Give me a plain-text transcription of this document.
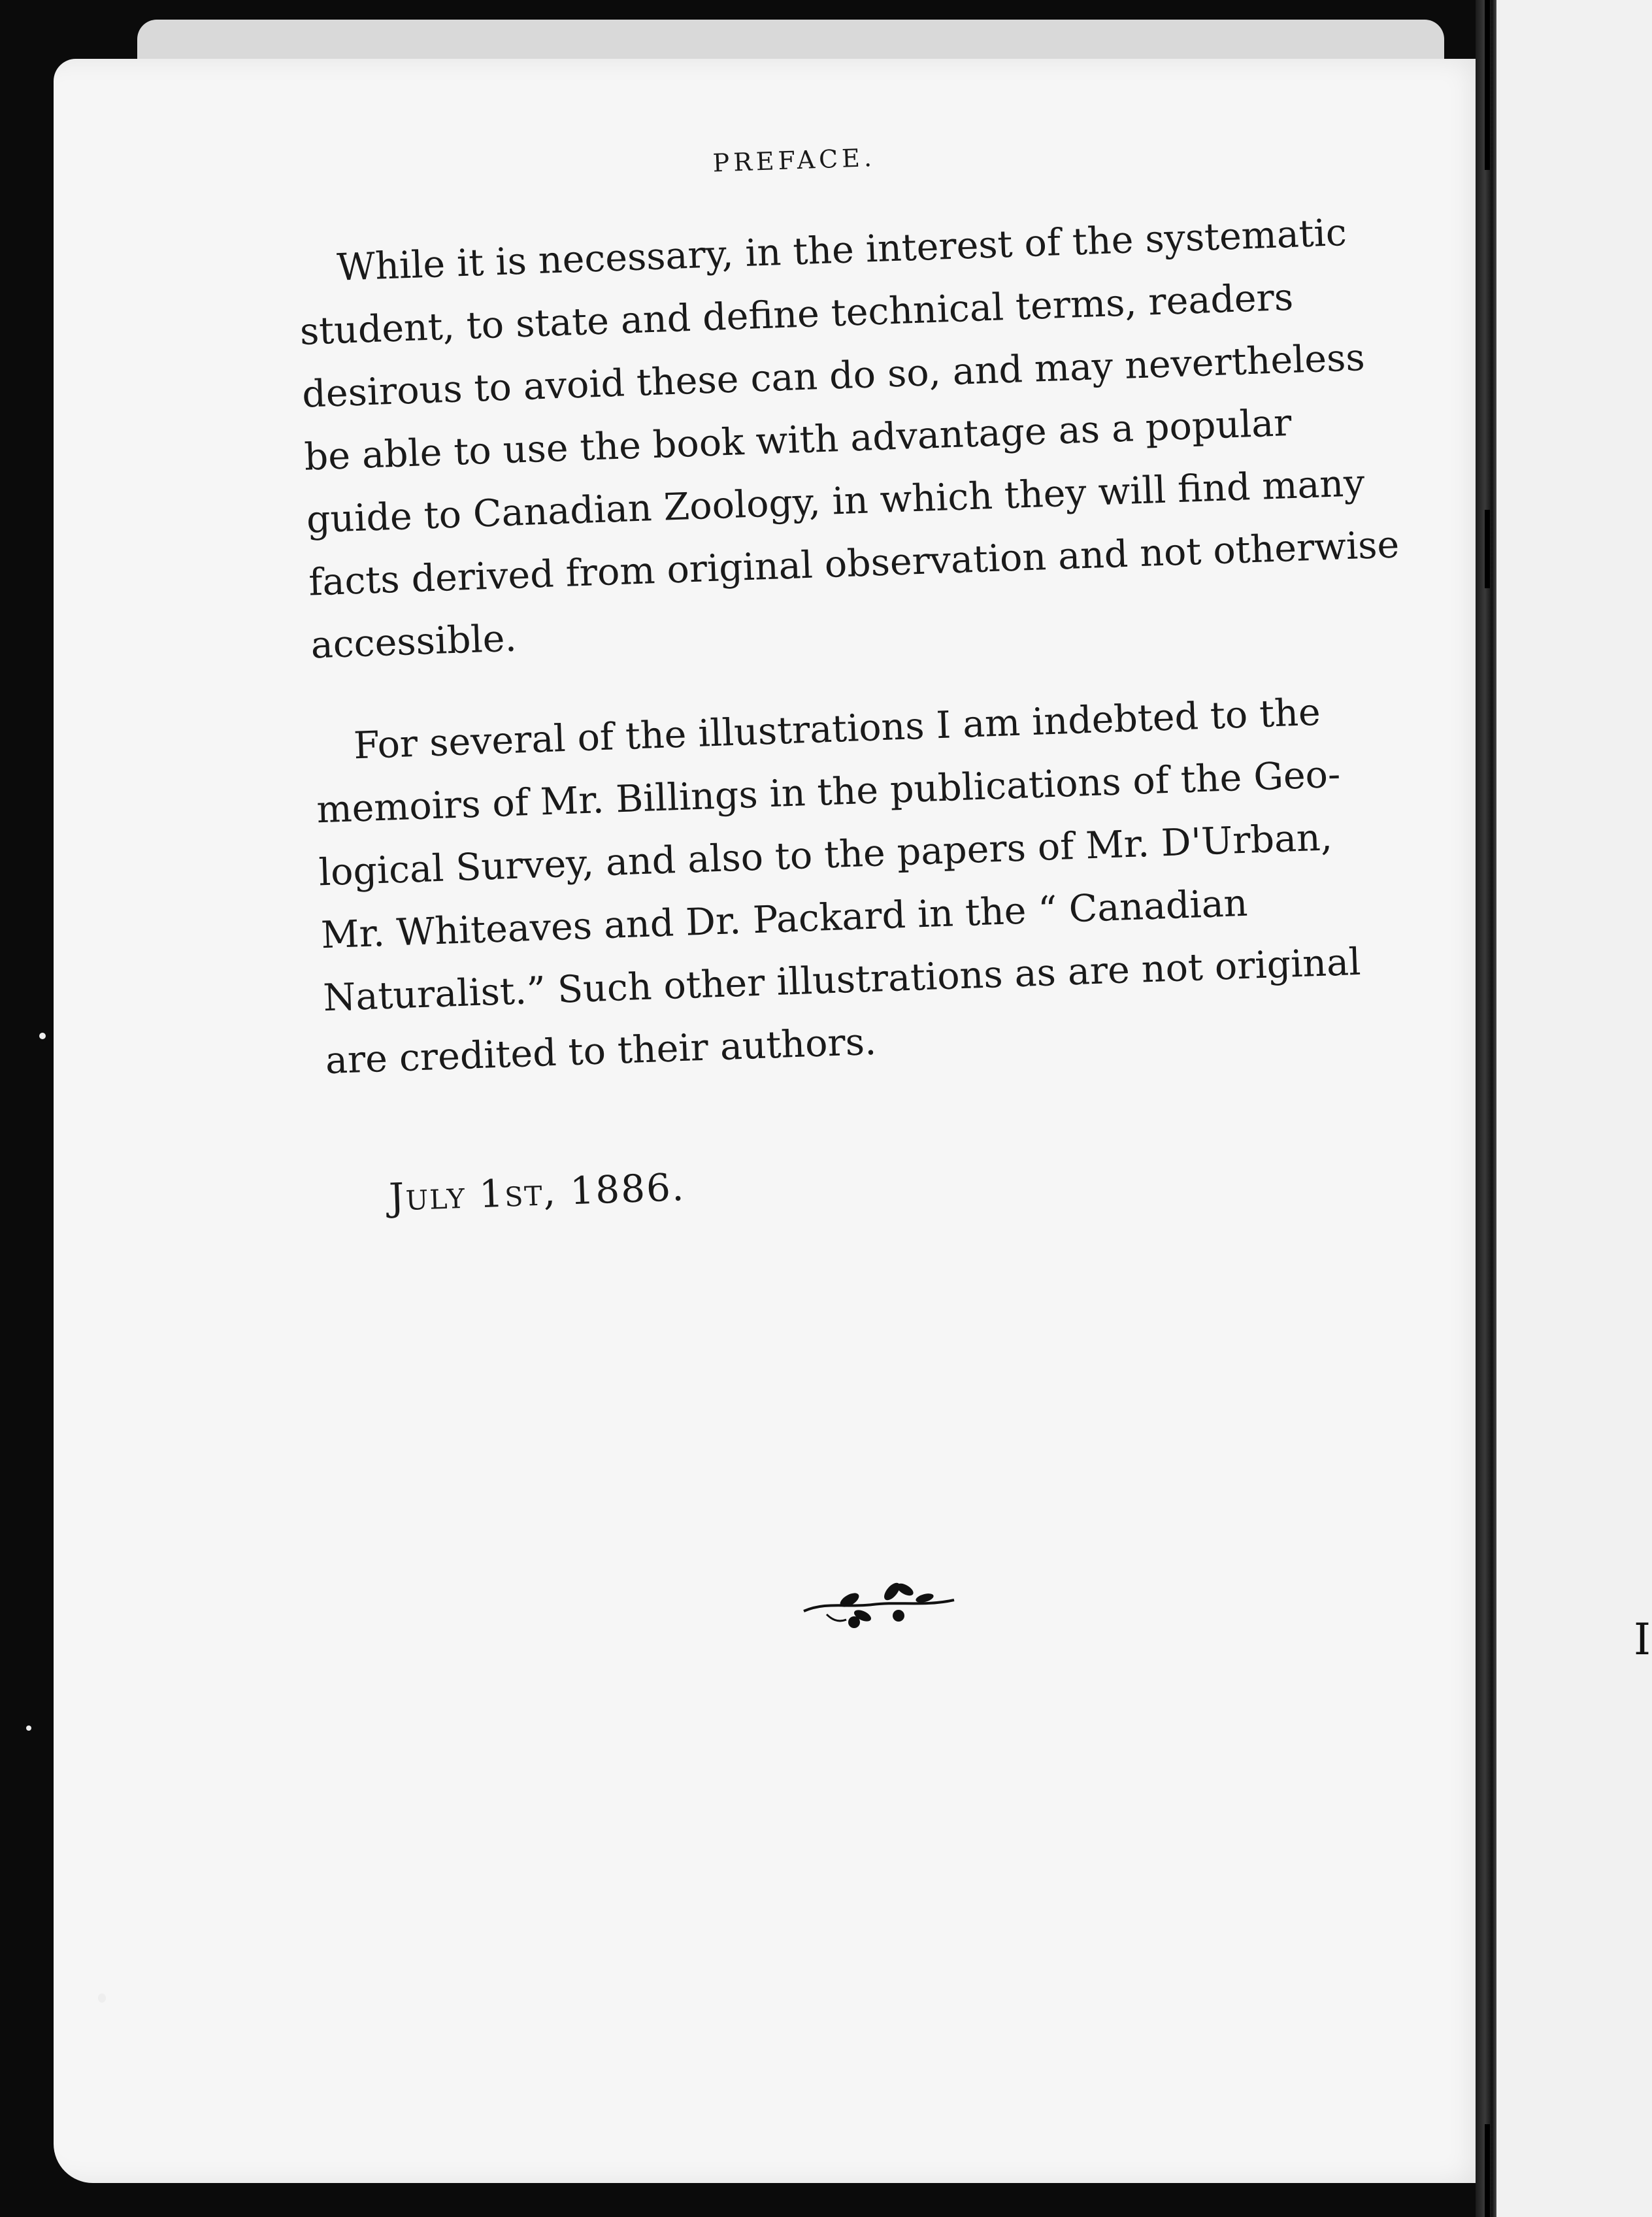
I
PREFACE.

While it is necessary, in the interest of the systematic

student, to state and define technical terms, readers

desirous to avoid these can do so, and may nevertheless

be able to use the book with advantage as a popular

guide to Canadian Zoology, in which they will find many

facts derived from original observation and not otherwise

accessible.

For several of the illustrations I am indebted to the

memoirs of Mr. Billings in the publications of the Geo-

logical Survey, and also to the papers of Mr. D'Urban,

Mr. Whiteaves and Dr. Packard in the “ Canadian

Naturalist.” Such other illustrations as are not original

are credited to their authors.

July 1st, 1886.
